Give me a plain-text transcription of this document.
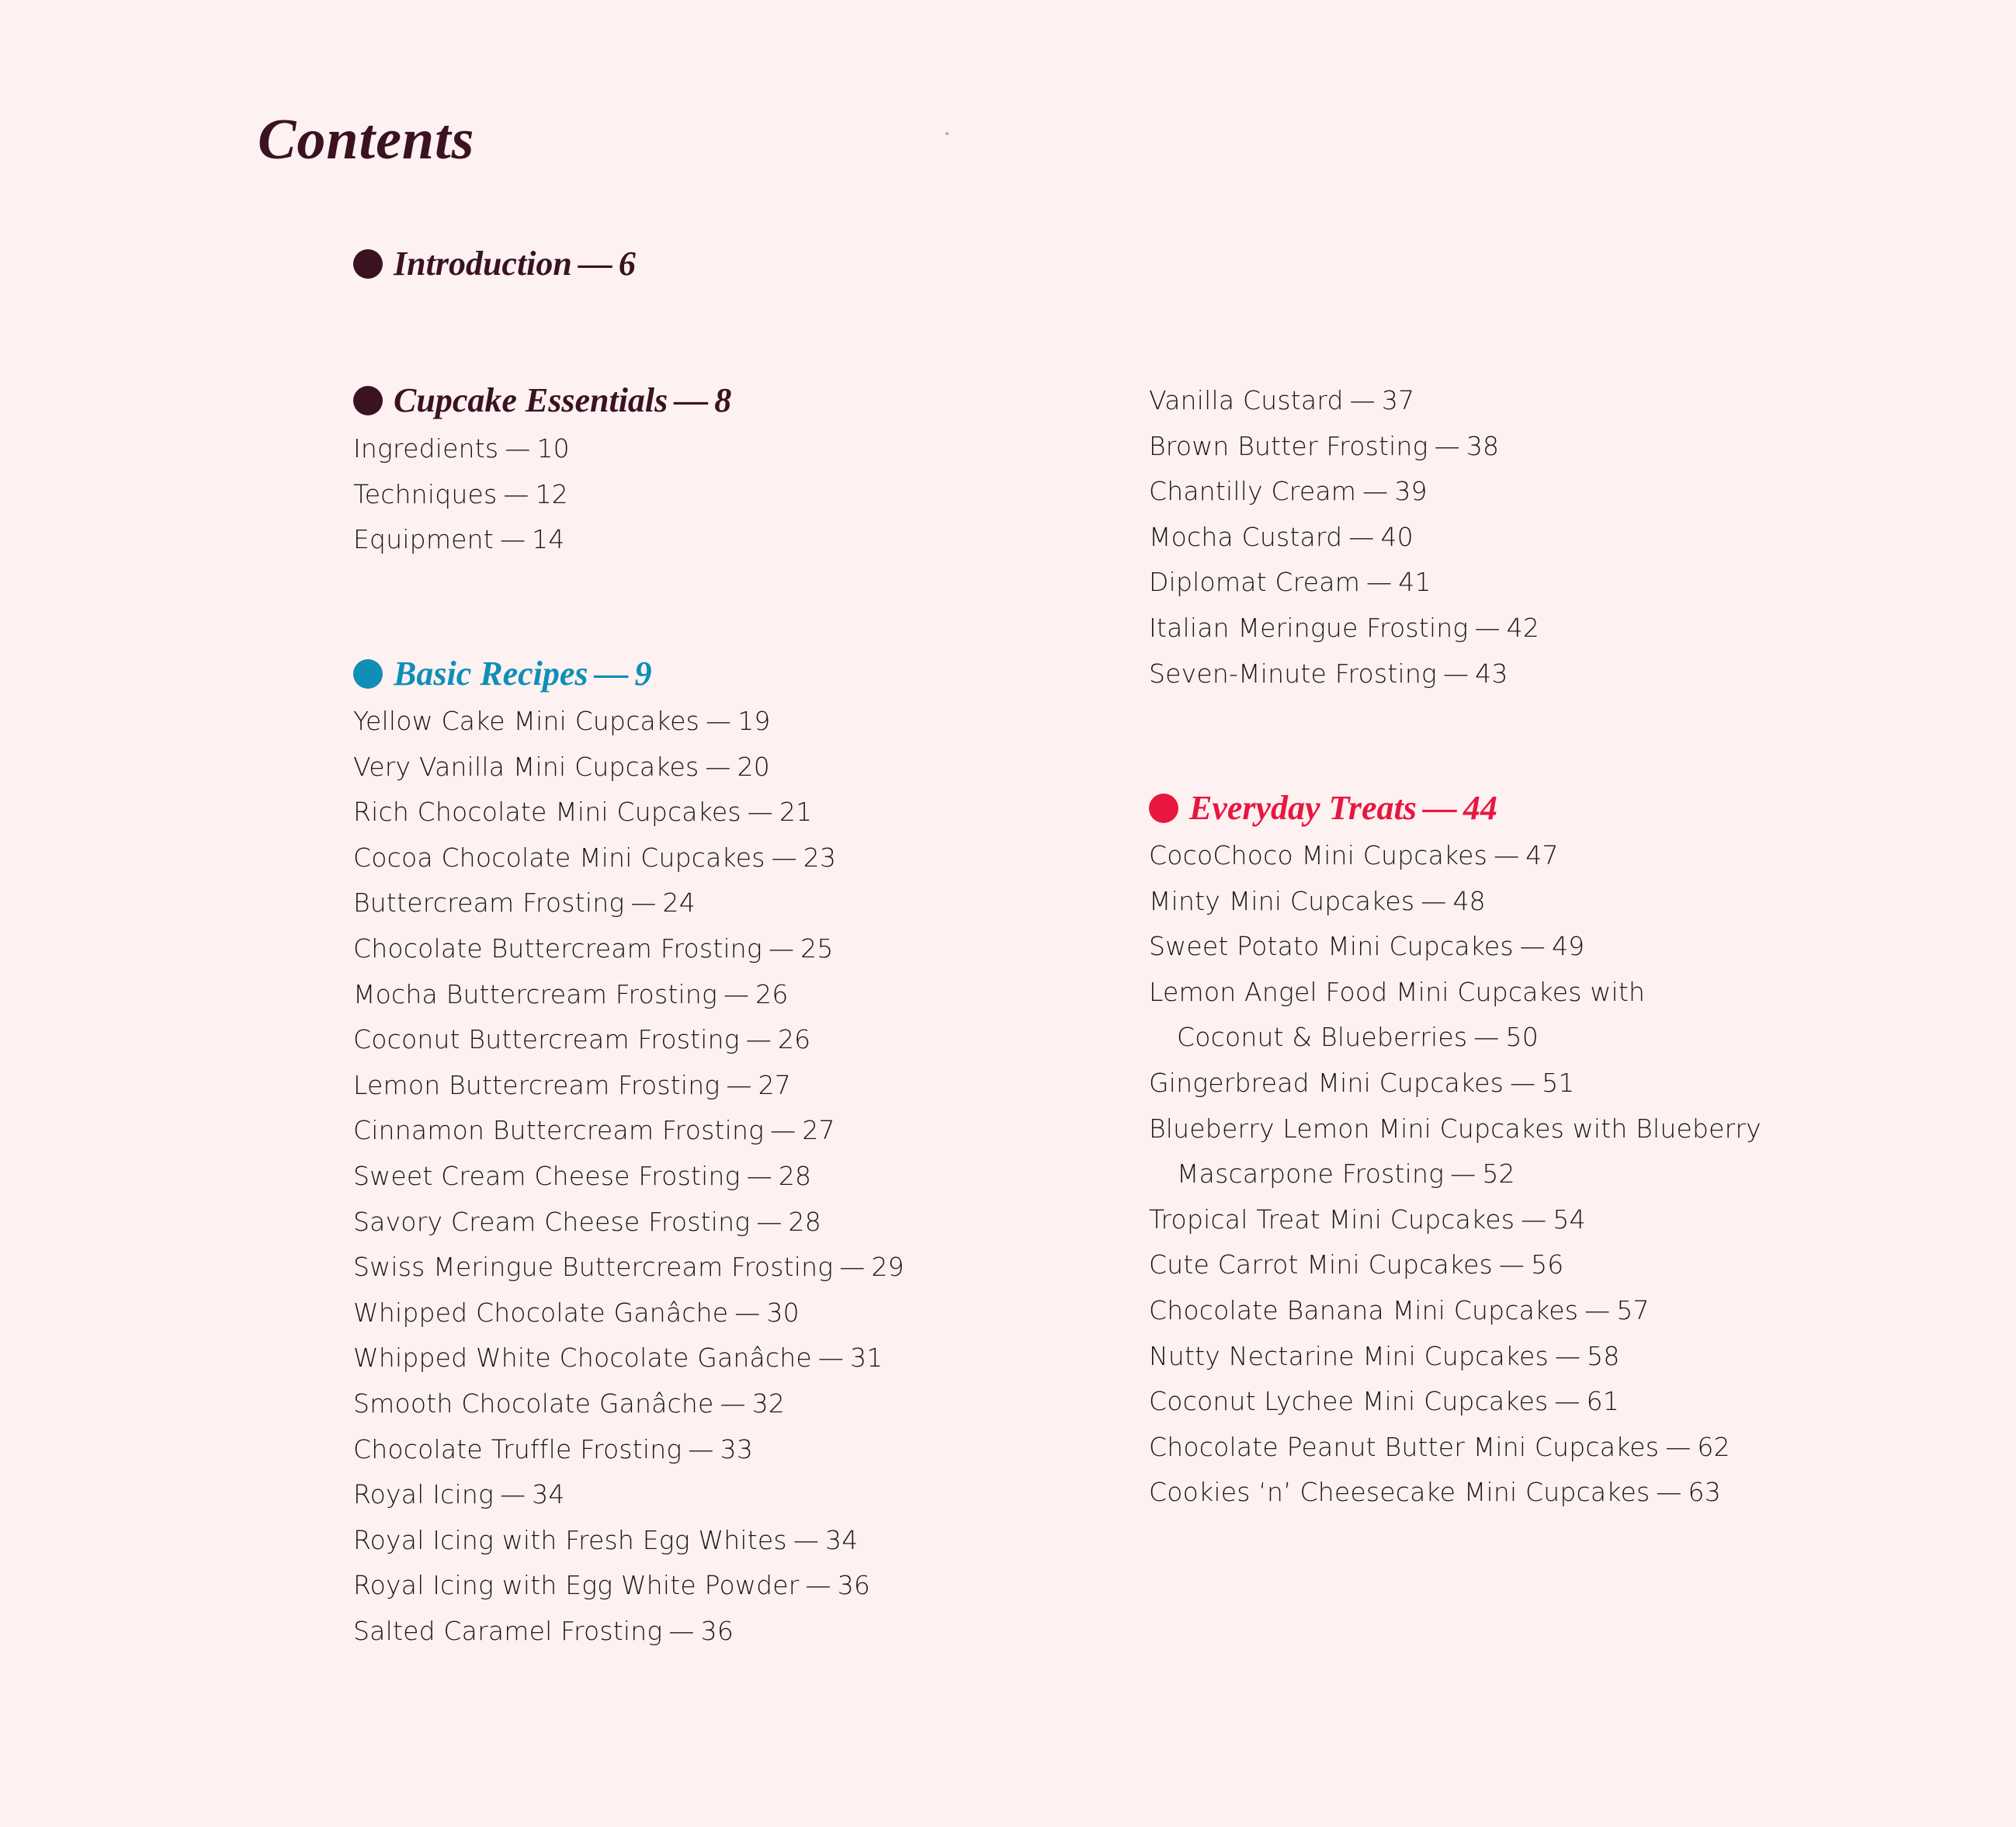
Contents
Introduction — 6
Cupcake Essentials — 8
Ingredients — 10
Techniques — 12
Equipment — 14
Basic Recipes — 9
Yellow Cake Mini Cupcakes — 19
Very Vanilla Mini Cupcakes — 20
Rich Chocolate Mini Cupcakes — 21
Cocoa Chocolate Mini Cupcakes — 23
Buttercream Frosting — 24
Chocolate Buttercream Frosting — 25
Mocha Buttercream Frosting — 26
Coconut Buttercream Frosting — 26
Lemon Buttercream Frosting — 27
Cinnamon Buttercream Frosting — 27
Sweet Cream Cheese Frosting — 28
Savory Cream Cheese Frosting — 28
Swiss Meringue Buttercream Frosting — 29
Whipped Chocolate Ganâche — 30
Whipped White Chocolate Ganâche — 31
Smooth Chocolate Ganâche — 32
Chocolate Truffle Frosting — 33
Royal Icing — 34
Royal Icing with Fresh Egg Whites — 34
Royal Icing with Egg White Powder — 36
Salted Caramel Frosting — 36
Vanilla Custard — 37
Brown Butter Frosting — 38
Chantilly Cream — 39
Mocha Custard — 40
Diplomat Cream — 41
Italian Meringue Frosting — 42
Seven-Minute Frosting — 43
Everyday Treats — 44
CocoChoco Mini Cupcakes — 47
Minty Mini Cupcakes — 48
Sweet Potato Mini Cupcakes — 49
Lemon Angel Food Mini Cupcakes with
Coconut & Blueberries — 50
Gingerbread Mini Cupcakes — 51
Blueberry Lemon Mini Cupcakes with Blueberry
Mascarpone Frosting — 52
Tropical Treat Mini Cupcakes — 54
Cute Carrot Mini Cupcakes — 56
Chocolate Banana Mini Cupcakes — 57
Nutty Nectarine Mini Cupcakes — 58
Coconut Lychee Mini Cupcakes — 61
Chocolate Peanut Butter Mini Cupcakes — 62
Cookies ‘n’ Cheesecake Mini Cupcakes — 63
